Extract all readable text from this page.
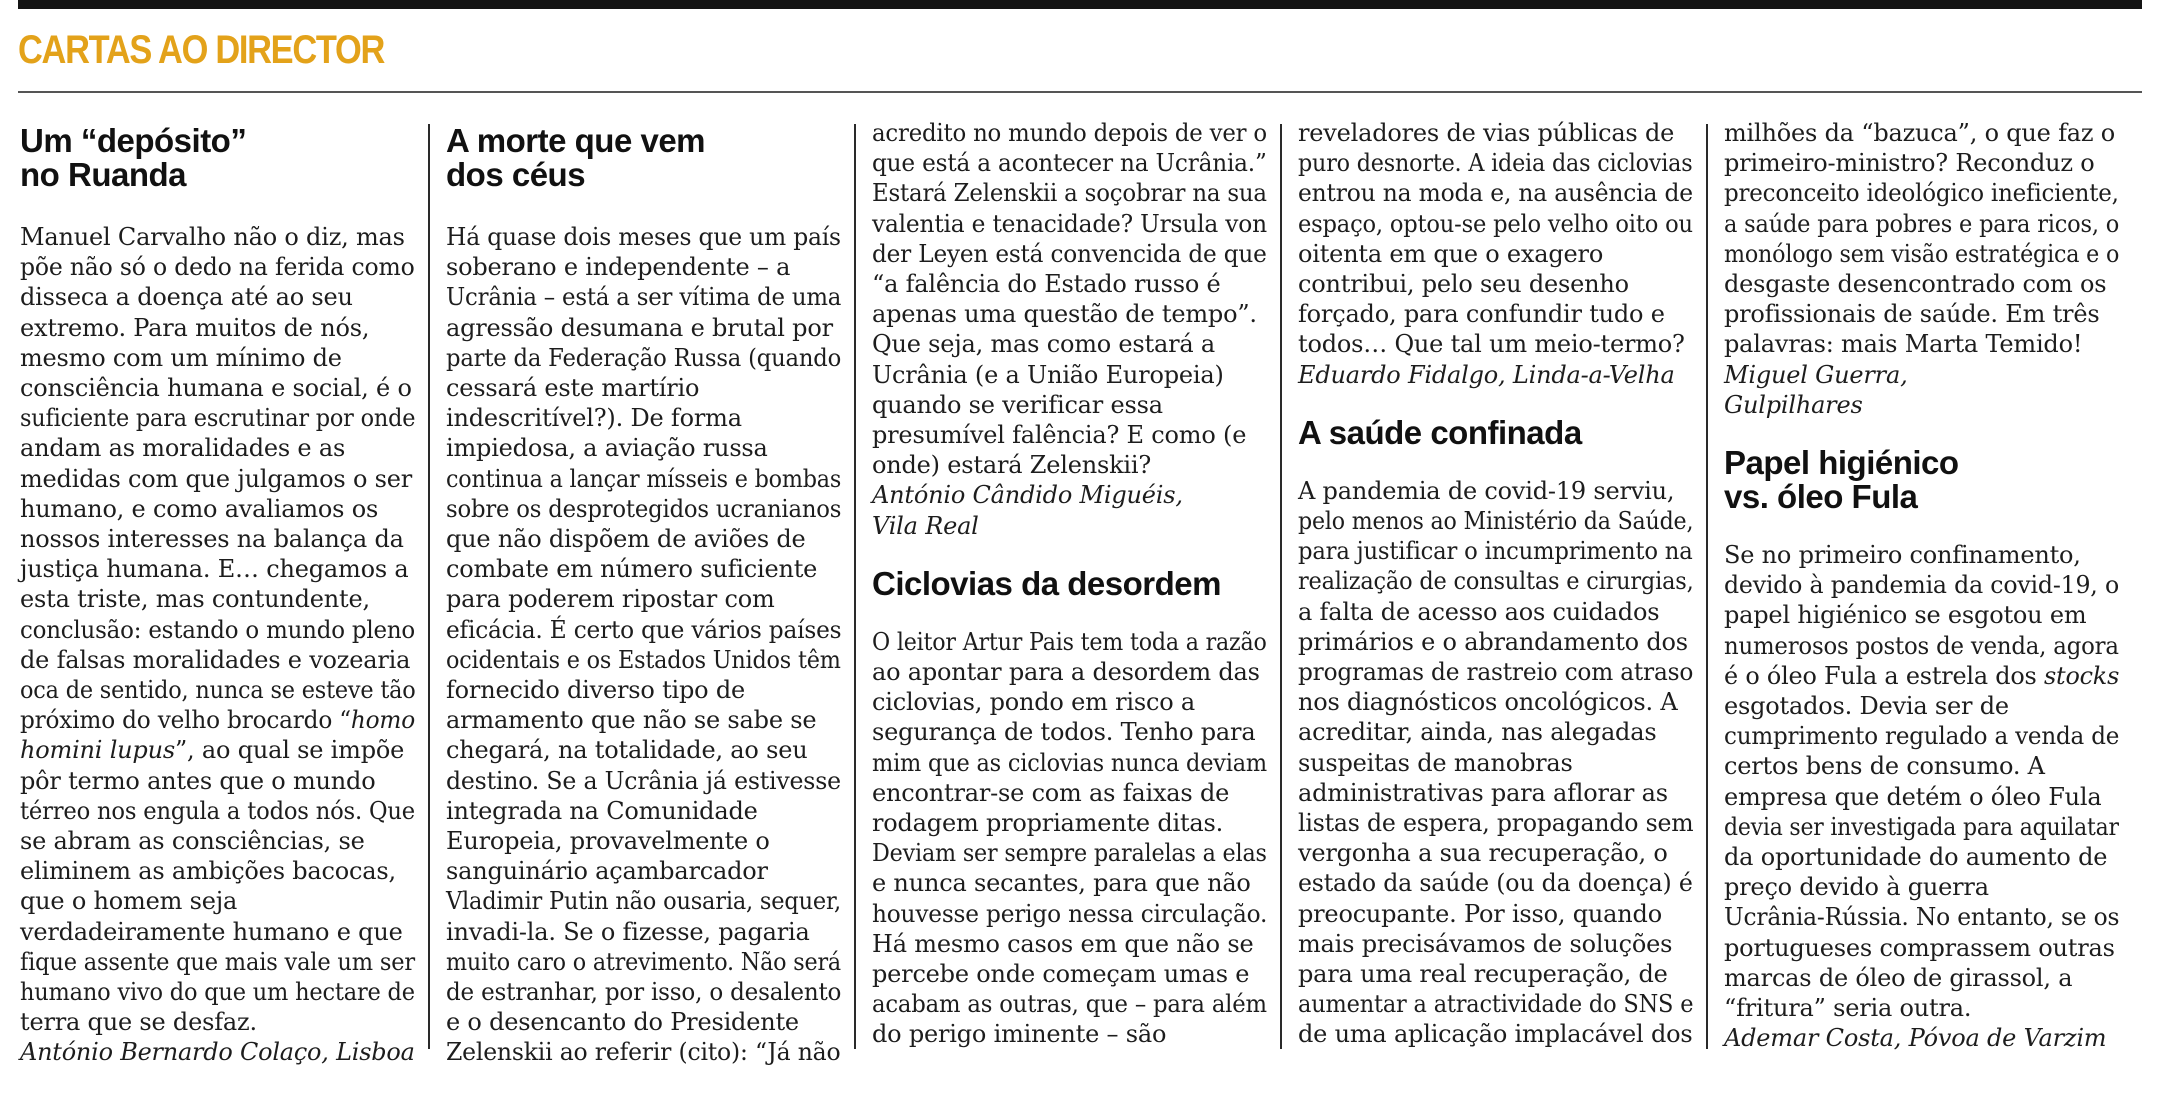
CARTAS AO DIRECTOR
Um “depósito”
no Ruanda
Manuel Carvalho não o diz, mas
põe não só o dedo na ferida como
disseca a doença até ao seu
extremo. Para muitos de nós,
mesmo com um mínimo de
consciência humana e social, é o
suficiente para escrutinar por onde
andam as moralidades e as
medidas com que julgamos o ser
humano, e como avaliamos os
nossos interesses na balança da
justiça humana. E… chegamos a
esta triste, mas contundente,
conclusão: estando o mundo pleno
de falsas moralidades e vozearia
oca de sentido, nunca se esteve tão
próximo do velho brocardo “homo
homini lupus”, ao qual se impõe
pôr termo antes que o mundo
térreo nos engula a todos nós. Que
se abram as consciências, se
eliminem as ambições bacocas,
que o homem seja
verdadeiramente humano e que
fique assente que mais vale um ser
humano vivo do que um hectare de
terra que se desfaz.
António Bernardo Colaço, Lisboa
A morte que vem
dos céus
Há quase dois meses que um país
soberano e independente – a
Ucrânia – está a ser vítima de uma
agressão desumana e brutal por
parte da Federação Russa (quando
cessará este martírio
indescritível?). De forma
impiedosa, a aviação russa
continua a lançar mísseis e bombas
sobre os desprotegidos ucranianos
que não dispõem de aviões de
combate em número suficiente
para poderem ripostar com
eficácia. É certo que vários países
ocidentais e os Estados Unidos têm
fornecido diverso tipo de
armamento que não se sabe se
chegará, na totalidade, ao seu
destino. Se a Ucrânia já estivesse
integrada na Comunidade
Europeia, provavelmente o
sanguinário açambarcador
Vladimir Putin não ousaria, sequer,
invadi-la. Se o fizesse, pagaria
muito caro o atrevimento. Não será
de estranhar, por isso, o desalento
e o desencanto do Presidente
Zelenskii ao referir (cito): “Já não
acredito no mundo depois de ver o
que está a acontecer na Ucrânia.”
Estará Zelenskii a soçobrar na sua
valentia e tenacidade? Ursula von
der Leyen está convencida de que
“a falência do Estado russo é
apenas uma questão de tempo”.
Que seja, mas como estará a
Ucrânia (e a União Europeia)
quando se verificar essa
presumível falência? E como (e
onde) estará Zelenskii?
António Cândido Miguéis,
Vila Real
Ciclovias da desordem
O leitor Artur Pais tem toda a razão
ao apontar para a desordem das
ciclovias, pondo em risco a
segurança de todos. Tenho para
mim que as ciclovias nunca deviam
encontrar-se com as faixas de
rodagem propriamente ditas.
Deviam ser sempre paralelas a elas
e nunca secantes, para que não
houvesse perigo nessa circulação.
Há mesmo casos em que não se
percebe onde começam umas e
acabam as outras, que – para além
do perigo iminente – são
reveladores de vias públicas de
puro desnorte. A ideia das ciclovias
entrou na moda e, na ausência de
espaço, optou-se pelo velho oito ou
oitenta em que o exagero
contribui, pelo seu desenho
forçado, para confundir tudo e
todos… Que tal um meio-termo?
Eduardo Fidalgo, Linda-a-Velha
A saúde confinada
A pandemia de covid-19 serviu,
pelo menos ao Ministério da Saúde,
para justificar o incumprimento na
realização de consultas e cirurgias,
a falta de acesso aos cuidados
primários e o abrandamento dos
programas de rastreio com atraso
nos diagnósticos oncológicos. A
acreditar, ainda, nas alegadas
suspeitas de manobras
administrativas para aflorar as
listas de espera, propagando sem
vergonha a sua recuperação, o
estado da saúde (ou da doença) é
preocupante. Por isso, quando
mais precisávamos de soluções
para uma real recuperação, de
aumentar a atractividade do SNS e
de uma aplicação implacável dos
milhões da “bazuca”, o que faz o
primeiro-ministro? Reconduz o
preconceito ideológico ineficiente,
a saúde para pobres e para ricos, o
monólogo sem visão estratégica e o
desgaste desencontrado com os
profissionais de saúde. Em três
palavras: mais Marta Temido!
Miguel Guerra,
Gulpilhares
Papel higiénico
vs. óleo Fula
Se no primeiro confinamento,
devido à pandemia da covid-19, o
papel higiénico se esgotou em
numerosos postos de venda, agora
é o óleo Fula a estrela dos stocks
esgotados. Devia ser de
cumprimento regulado a venda de
certos bens de consumo. A
empresa que detém o óleo Fula
devia ser investigada para aquilatar
da oportunidade do aumento de
preço devido à guerra
Ucrânia-Rússia. No entanto, se os
portugueses comprassem outras
marcas de óleo de girassol, a
“fritura” seria outra.
Ademar Costa, Póvoa de Varzim
